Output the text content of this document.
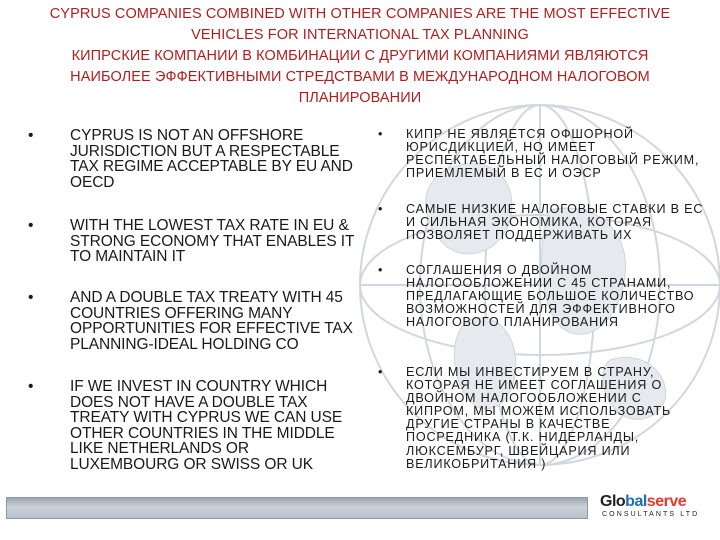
CYPRUS COMPANIES COMBINED WITH OTHER COMPANIES ARE THE MOST EFFECTIVE
VEHICLES FOR INTERNATIONAL TAX PLANNING
КИПРСКИЕ КОМПАНИИ В КОМБИНАЦИИ С ДРУГИМИ КОМПАНИЯМИ ЯВЛЯЮТСЯ
НАИБОЛЕЕ ЭФФЕКТИВНЫМИ СТРЕДСТВАМИ В МЕЖДУНАРОДНОМ НАЛОГОВОМ
ПЛАНИРОВАНИИ
• CYPRUS IS NOT AN OFFSHORE JURISDICTION BUT A RESPECTABLE TAX REGIME ACCEPTABLE BY EU AND OECD
• WITH THE LOWEST TAX RATE IN EU & STRONG ECONOMY THAT ENABLES IT TO MAINTAIN IT
• AND A DOUBLE TAX TREATY WITH 45 COUNTRIES OFFERING MANY OPPORTUNITIES FOR EFFECTIVE TAX PLANNING-IDEAL HOLDING CO
• IF WE INVEST IN COUNTRY WHICH DOES NOT HAVE A DOUBLE TAX TREATY WITH CYPRUS WE CAN USE OTHER COUNTRIES IN THE MIDDLE LIKE NETHERLANDS OR LUXEMBOURG OR SWISS OR UK
• КИПР НЕ ЯВЛЯЕТСЯ ОФШОРНОЙ ЮРИСДИКЦИЕЙ, НО ИМЕЕТ РЕСПЕКТАБЕЛЬНЫЙ НАЛОГОВЫЙ РЕЖИМ, ПРИЕМЛЕМЫЙ В ЕС И ОЭСР
• САМЫЕ НИЗКИЕ НАЛОГОВЫЕ СТАВКИ В ЕС И СИЛЬНАЯ ЭКОНОМИКА, КОТОРАЯ ПОЗВОЛЯЕТ ПОДДЕРЖИВАТЬ ИХ
• СОГЛАШЕНИЯ О ДВОЙНОМ НАЛОГООБЛОЖЕНИИ С 45 СТРАНАМИ, ПРЕДЛАГАЮЩИЕ БОЛЬШОЕ КОЛИЧЕСТВО ВОЗМОЖНОСТЕЙ ДЛЯ ЭФФЕКТИВНОГО НАЛОГОВОГО ПЛАНИРОВАНИЯ
• ЕСЛИ МЫ ИНВЕСТИРУЕМ В СТРАНУ, КОТОРАЯ НЕ ИМЕЕТ СОГЛАШЕНИЯ О ДВОЙНОМ НАЛОГООБЛОЖЕНИИ С КИПРОМ, МЫ МОЖЕМ ИСПОЛЬЗОВАТЬ ДРУГИЕ СТРАНЫ В КАЧЕСТВЕ ПОСРЕДНИКА (Т.К. НИДЕРЛАНДЫ, ЛЮКСЕМБУРГ, ШВЕЙЦАРИЯ ИЛИ ВЕЛИКОБРИТАНИЯ )
Globalserve
CONSULTANTS LTD
